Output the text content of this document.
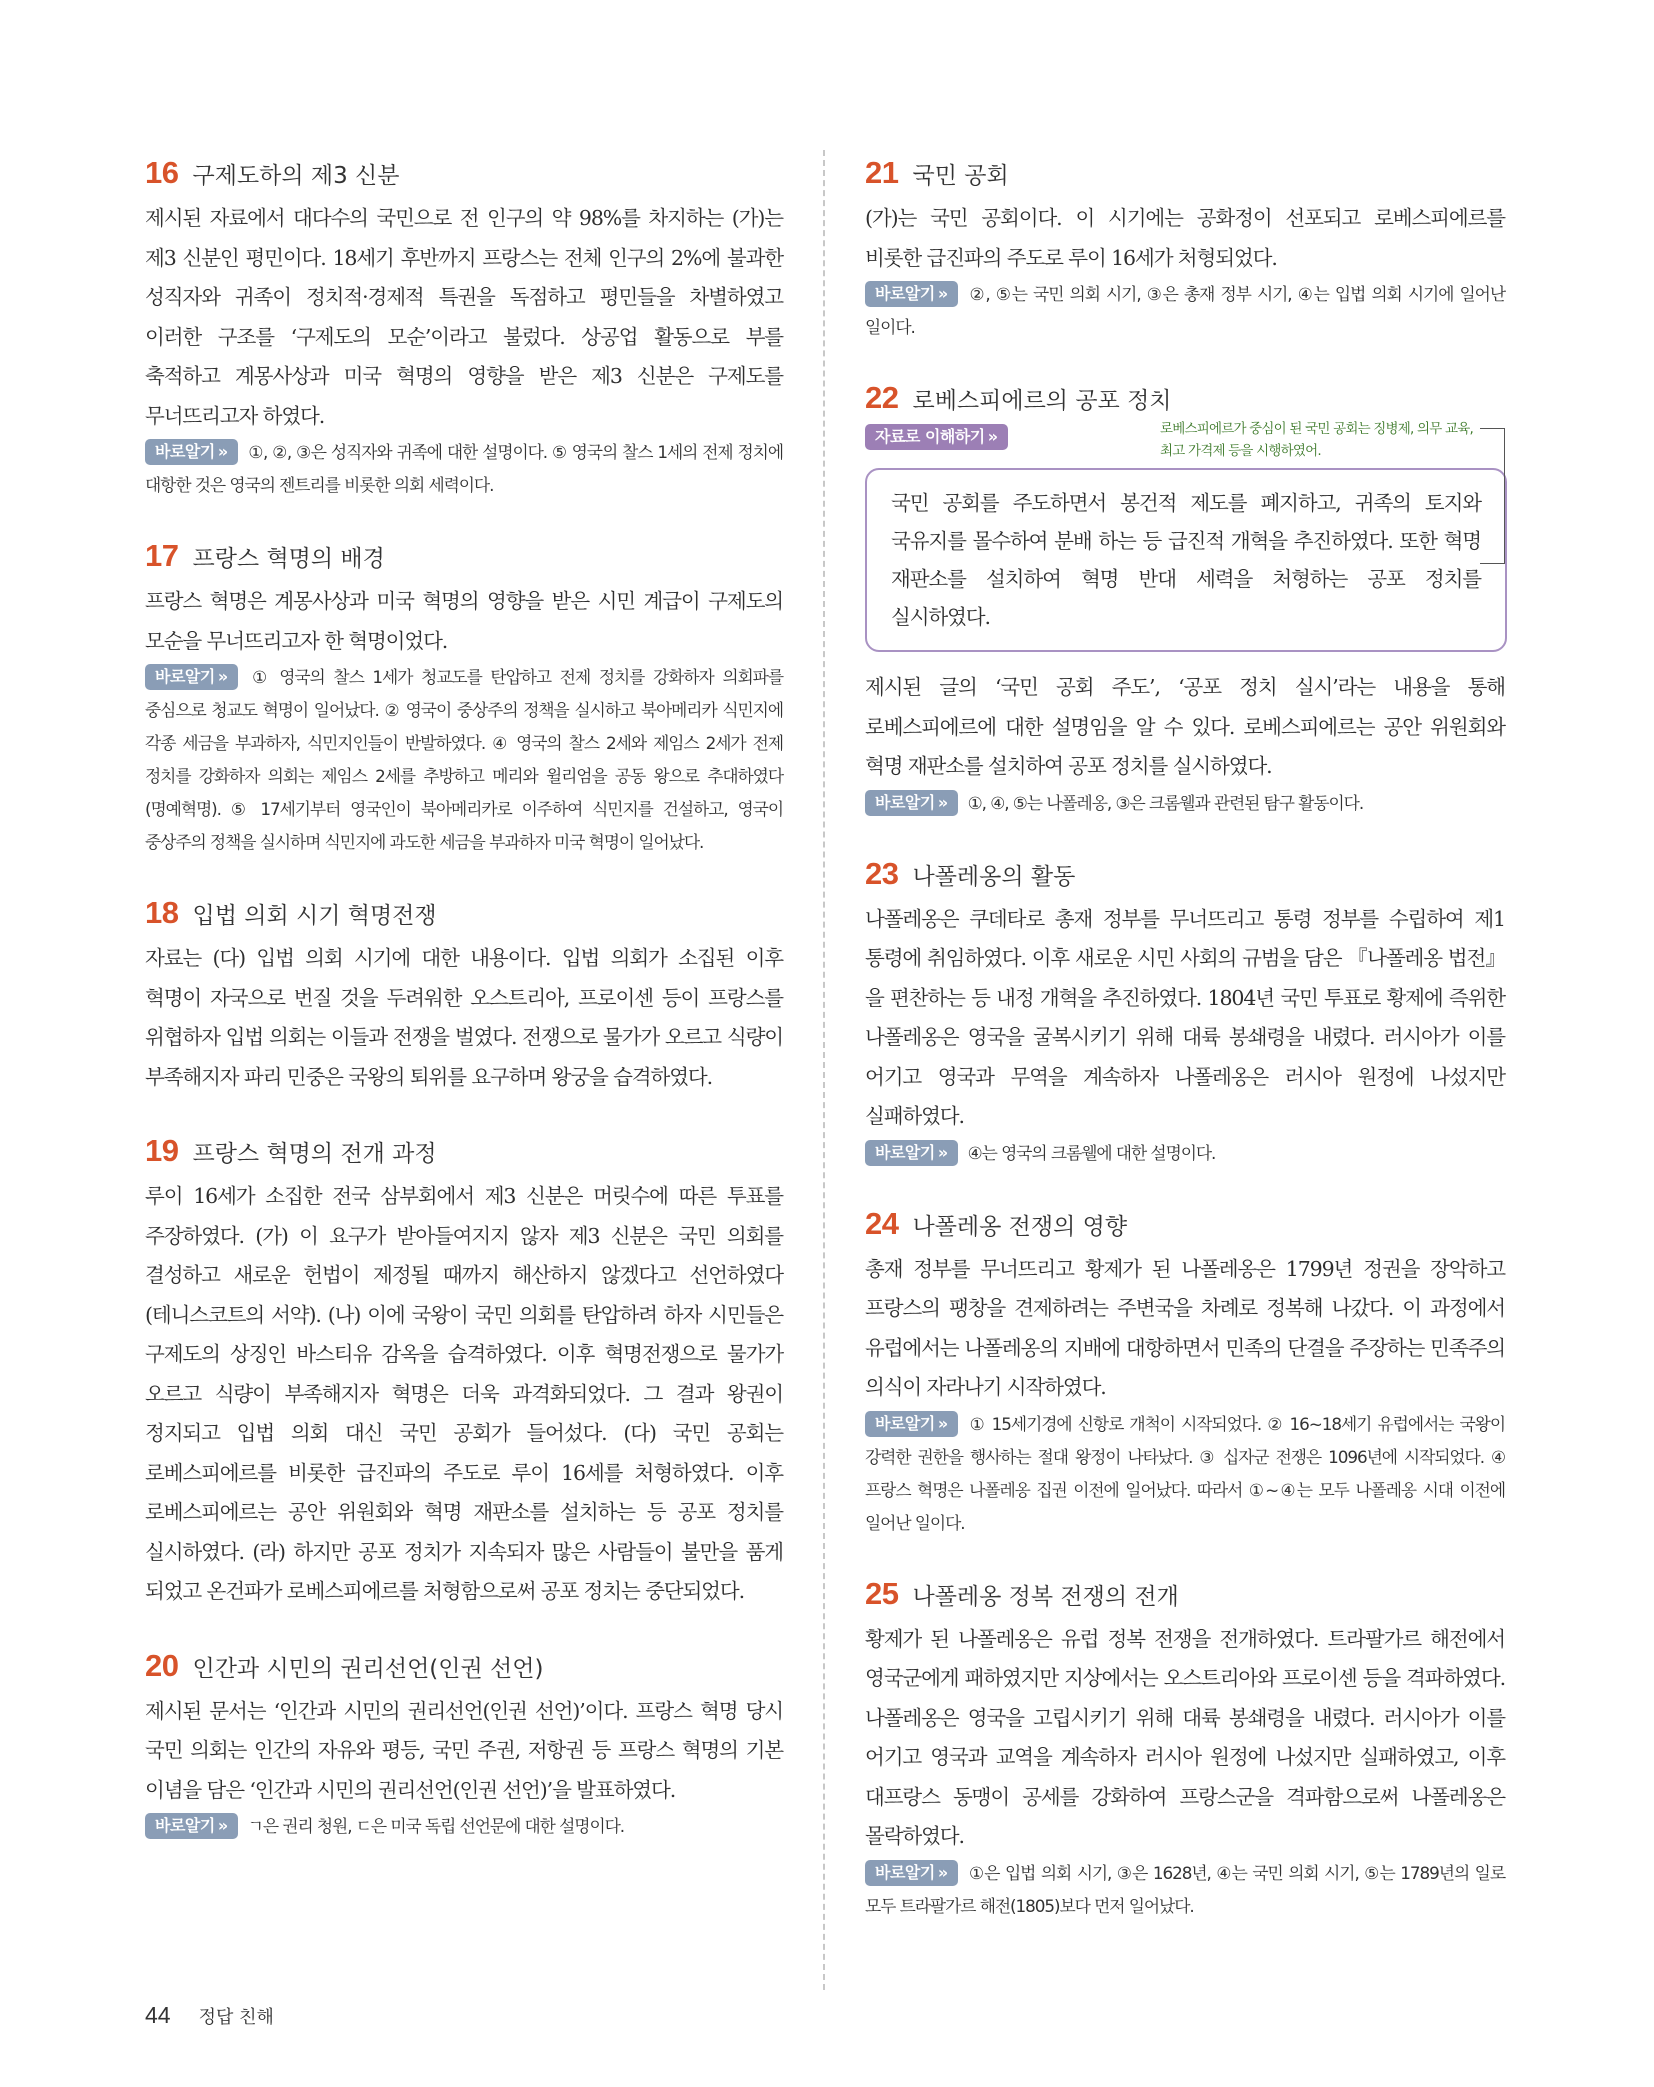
16 구제도하의 제3 신분
제시된 자료에서 대다수의 국민으로 전 인구의 약 98%를 차지하는 (가)는 제3 신분인 평민이다. 18세기 후반까지 프랑스는 전체 인구의 2%에 불과한 성직자와 귀족이 정치적·경제적 특권을 독점하고 평민들을 차별하였고 이러한 구조를 ‘구제도의 모순’이라고 불렀다. 상공업 활동으로 부를 축적하고 계몽사상과 미국 혁명의 영향을 받은 제3 신분은 구제도를 무너뜨리고자 하였다.
바로알기 » ①, ②, ③은 성직자와 귀족에 대한 설명이다. ⑤ 영국의 찰스 1세의 전제 정치에 대항한 것은 영국의 젠트리를 비롯한 의회 세력이다.
17 프랑스 혁명의 배경
프랑스 혁명은 계몽사상과 미국 혁명의 영향을 받은 시민 계급이 구제도의 모순을 무너뜨리고자 한 혁명이었다.
바로알기 » ① 영국의 찰스 1세가 청교도를 탄압하고 전제 정치를 강화하자 의회파를 중심으로 청교도 혁명이 일어났다. ② 영국이 중상주의 정책을 실시하고 북아메리카 식민지에 각종 세금을 부과하자, 식민지인들이 반발하였다. ④ 영국의 찰스 2세와 제임스 2세가 전제 정치를 강화하자 의회는 제임스 2세를 추방하고 메리와 윌리엄을 공동 왕으로 추대하였다(명예혁명). ⑤ 17세기부터 영국인이 북아메리카로 이주하여 식민지를 건설하고, 영국이 중상주의 정책을 실시하며 식민지에 과도한 세금을 부과하자 미국 혁명이 일어났다.
18 입법 의회 시기 혁명전쟁
자료는 (다) 입법 의회 시기에 대한 내용이다. 입법 의회가 소집된 이후 혁명이 자국으로 번질 것을 두려워한 오스트리아, 프로이센 등이 프랑스를 위협하자 입법 의회는 이들과 전쟁을 벌였다. 전쟁으로 물가가 오르고 식량이 부족해지자 파리 민중은 국왕의 퇴위를 요구하며 왕궁을 습격하였다.
19 프랑스 혁명의 전개 과정
루이 16세가 소집한 전국 삼부회에서 제3 신분은 머릿수에 따른 투표를 주장하였다. (가) 이 요구가 받아들여지지 않자 제3 신분은 국민 의회를 결성하고 새로운 헌법이 제정될 때까지 해산하지 않겠다고 선언하였다(테니스코트의 서약). (나) 이에 국왕이 국민 의회를 탄압하려 하자 시민들은 구제도의 상징인 바스티유 감옥을 습격하였다. 이후 혁명전쟁으로 물가가 오르고 식량이 부족해지자 혁명은 더욱 과격화되었다. 그 결과 왕권이 정지되고 입법 의회 대신 국민 공회가 들어섰다. (다) 국민 공회는 로베스피에르를 비롯한 급진파의 주도로 루이 16세를 처형하였다. 이후 로베스피에르는 공안 위원회와 혁명 재판소를 설치하는 등 공포 정치를 실시하였다. (라) 하지만 공포 정치가 지속되자 많은 사람들이 불만을 품게 되었고 온건파가 로베스피에르를 처형함으로써 공포 정치는 중단되었다.
20 인간과 시민의 권리선언(인권 선언)
제시된 문서는 ‘인간과 시민의 권리선언(인권 선언)’이다. 프랑스 혁명 당시 국민 의회는 인간의 자유와 평등, 국민 주권, 저항권 등 프랑스 혁명의 기본 이념을 담은 ‘인간과 시민의 권리선언(인권 선언)’을 발표하였다.
바로알기 » ㄱ은 권리 청원, ㄷ은 미국 독립 선언문에 대한 설명이다.
21 국민 공회
(가)는 국민 공회이다. 이 시기에는 공화정이 선포되고 로베스피에르를 비롯한 급진파의 주도로 루이 16세가 처형되었다.
바로알기 » ②, ⑤는 국민 의회 시기, ③은 총재 정부 시기, ④는 입법 의회 시기에 일어난 일이다.
22 로베스피에르의 공포 정치
자료로 이해하기 »	로베스피에르가 중심이 된 국민 공회는 징병제, 의무 교육, 최고 가격제 등을 시행하였어.
국민 공회를 주도하면서 봉건적 제도를 폐지하고, 귀족의 토지와 국유지를 몰수하여 분배 하는 등 급진적 개혁을 추진하였다. 또한 혁명 재판소를 설치하여 혁명 반대 세력을 처형하는 공포 정치를 실시하였다.
제시된 글의 ‘국민 공회 주도’, ‘공포 정치 실시’라는 내용을 통해 로베스피에르에 대한 설명임을 알 수 있다. 로베스피에르는 공안 위원회와 혁명 재판소를 설치하여 공포 정치를 실시하였다.
바로알기 » ①, ④, ⑤는 나폴레옹, ③은 크롬웰과 관련된 탐구 활동이다.
23 나폴레옹의 활동
나폴레옹은 쿠데타로 총재 정부를 무너뜨리고 통령 정부를 수립하여 제1 통령에 취임하였다. 이후 새로운 시민 사회의 규범을 담은 『나폴레옹 법전』을 편찬하는 등 내정 개혁을 추진하였다. 1804년 국민 투표로 황제에 즉위한 나폴레옹은 영국을 굴복시키기 위해 대륙 봉쇄령을 내렸다. 러시아가 이를 어기고 영국과 무역을 계속하자 나폴레옹은 러시아 원정에 나섰지만 실패하였다.
바로알기 » ④는 영국의 크롬웰에 대한 설명이다.
24 나폴레옹 전쟁의 영향
총재 정부를 무너뜨리고 황제가 된 나폴레옹은 1799년 정권을 장악하고 프랑스의 팽창을 견제하려는 주변국을 차례로 정복해 나갔다. 이 과정에서 유럽에서는 나폴레옹의 지배에 대항하면서 민족의 단결을 주장하는 민족주의 의식이 자라나기 시작하였다.
바로알기 » ① 15세기경에 신항로 개척이 시작되었다. ② 16~18세기 유럽에서는 국왕이 강력한 권한을 행사하는 절대 왕정이 나타났다. ③ 십자군 전쟁은 1096년에 시작되었다. ④ 프랑스 혁명은 나폴레옹 집권 이전에 일어났다. 따라서 ①~④는 모두 나폴레옹 시대 이전에 일어난 일이다.
25 나폴레옹 정복 전쟁의 전개
황제가 된 나폴레옹은 유럽 정복 전쟁을 전개하였다. 트라팔가르 해전에서 영국군에게 패하였지만 지상에서는 오스트리아와 프로이센 등을 격파하였다. 나폴레옹은 영국을 고립시키기 위해 대륙 봉쇄령을 내렸다. 러시아가 이를 어기고 영국과 교역을 계속하자 러시아 원정에 나섰지만 실패하였고, 이후 대프랑스 동맹이 공세를 강화하여 프랑스군을 격파함으로써 나폴레옹은 몰락하였다.
바로알기 » ①은 입법 의회 시기, ③은 1628년, ④는 국민 의회 시기, ⑤는 1789년의 일로 모두 트라팔가르 해전(1805)보다 먼저 일어났다.
44 정답 친해
